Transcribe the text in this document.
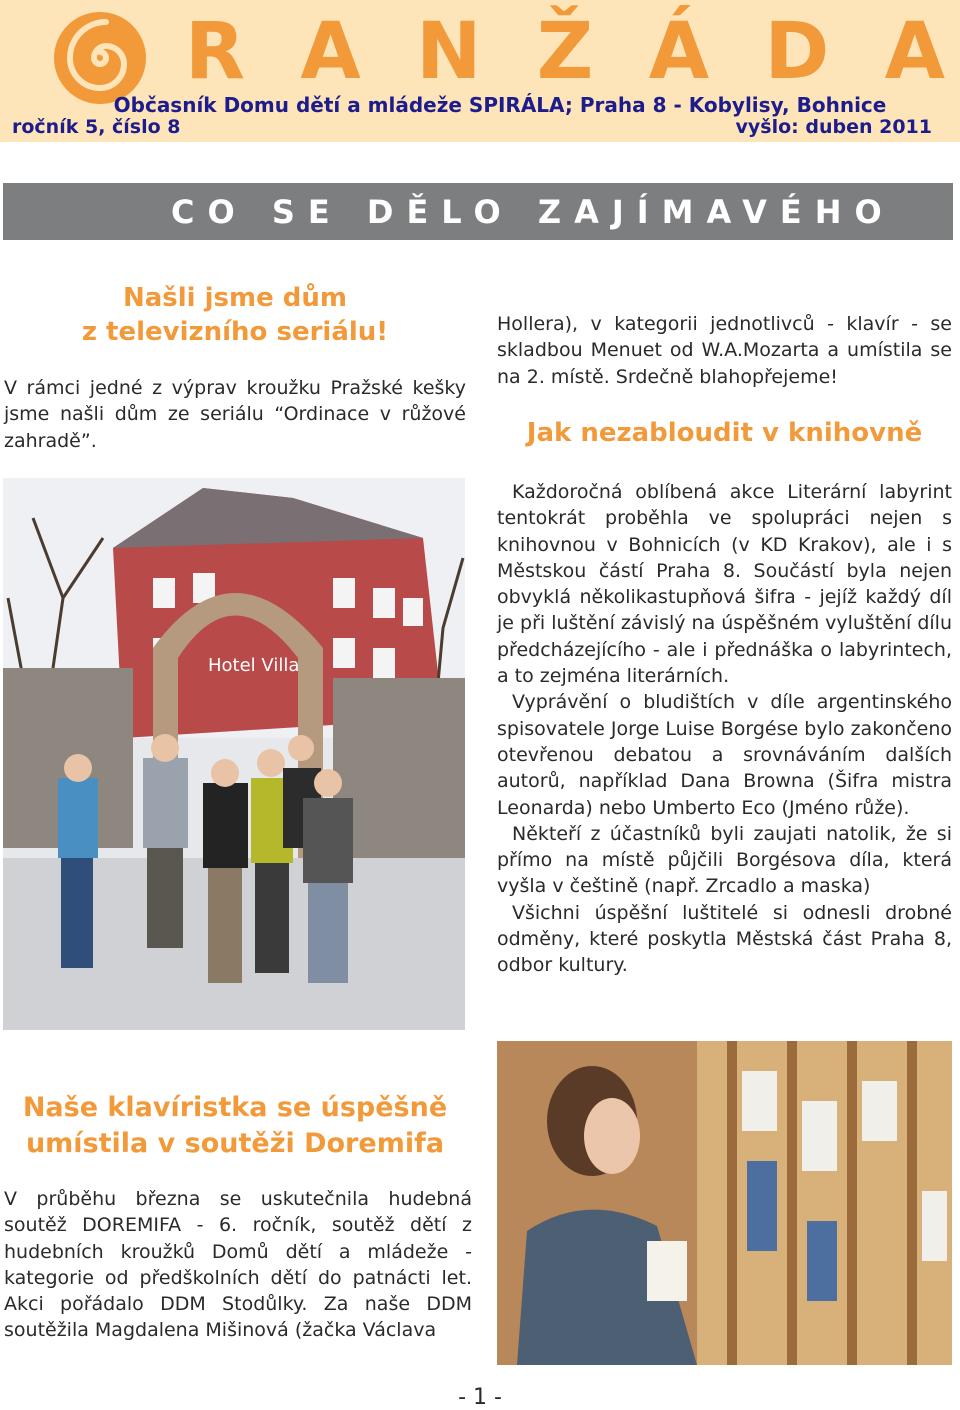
R A N Ž Á D A
Občasník Domu dětí a mládeže SPIRÁLA; Praha 8 - Kobylisy, Bohnice
ročník 5, číslo 8	vyšlo: duben 2011
CO SE DĚLO ZAJÍMAVÉHO
Našli jsme dům
z televizního seriálu!
V rámci jedné z výprav kroužku Pražské kešky jsme našli dům ze seriálu “Ordinace v růžové zahradě”.
Hotel Villa
Hollera), v kategorii jednotlivců - klavír - se skladbou Menuet od W.A.Mozarta a umístila se na 2. místě. Srdečně blahopřejeme!
Jak nezabloudit v knihovně

Každoročná oblíbená akce Literární labyrint tentokrát proběhla ve spolupráci nejen s knihovnou v Bohnicích (v KD Krakov), ale i s Městskou částí Praha 8. Součástí byla nejen obvyklá několikastupňová šifra - jejíž každý díl je při luštění závislý na úspěšném vyluštění dílu předcházejícího - ale i přednáška o labyrintech, a to zejména literárních.

Vyprávění o bludištích v díle argentinského spisovatele Jorge Luise Borgése bylo zakončeno otevřenou debatou a srovnáváním dalších autorů, například Dana Browna (Šifra mistra Leonarda) nebo Umberto Eco (Jméno růže).

Někteří z účastníků byli zaujati natolik, že si přímo na místě půjčili Borgésova díla, která vyšla v češtině (např. Zrcadlo a maska)

Všichni úspěšní luštitelé si odnesli drobné odměny, které poskytla Městská část Praha 8, odbor kultury.

Naše klavíristka se úspěšně
umístila v soutěži Doremifa
V průběhu března se uskutečnila hudebná soutěž DOREMIFA - 6. ročník, soutěž dětí z hudebních kroužků Domů dětí a mládeže - kategorie od předškolních dětí do patnácti let. Akci pořádalo DDM Stodůlky. Za naše DDM soutěžila Magdalena Mišinová (žačka Václava
- 1 -
